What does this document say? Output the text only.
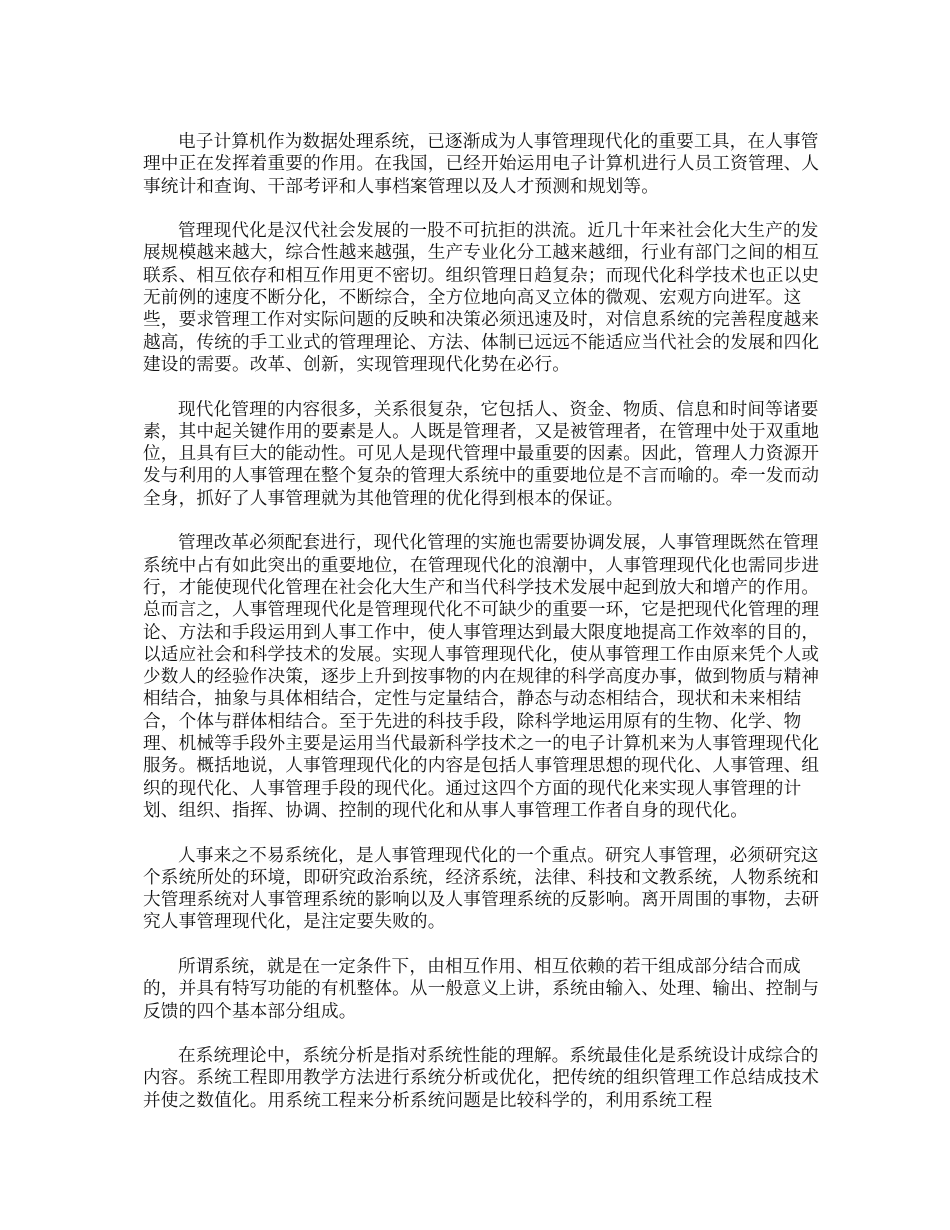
电子计算机作为数据处理系统，已逐渐成为人事管理现代化的重要工具，在人事管理中正在发挥着重要的作用。在我国，已经开始运用电子计算机进行人员工资管理、人事统计和查询、干部考评和人事档案管理以及人才预测和规划等。

管理现代化是汉代社会发展的一股不可抗拒的洪流。近几十年来社会化大生产的发展规模越来越大，综合性越来越强，生产专业化分工越来越细，行业有部门之间的相互联系、相互依存和相互作用更不密切。组织管理日趋复杂；而现代化科学技术也正以史无前例的速度不断分化，不断综合，全方位地向高叉立体的微观、宏观方向进军。这些，要求管理工作对实际问题的反映和决策必须迅速及时，对信息系统的完善程度越来越高，传统的手工业式的管理理论、方法、体制已远远不能适应当代社会的发展和四化建设的需要。改革、创新，实现管理现代化势在必行。

现代化管理的内容很多，关系很复杂，它包括人、资金、物质、信息和时间等诸要素，其中起关键作用的要素是人。人既是管理者，又是被管理者，在管理中处于双重地位，且具有巨大的能动性。可见人是现代管理中最重要的因素。因此，管理人力资源开发与利用的人事管理在整个复杂的管理大系统中的重要地位是不言而喻的。牵一发而动全身，抓好了人事管理就为其他管理的优化得到根本的保证。

管理改革必须配套进行，现代化管理的实施也需要协调发展，人事管理既然在管理系统中占有如此突出的重要地位，在管理现代化的浪潮中，人事管理现代化也需同步进行，才能使现代化管理在社会化大生产和当代科学技术发展中起到放大和增产的作用。总而言之，人事管理现代化是管理现代化不可缺少的重要一环，它是把现代化管理的理论、方法和手段运用到人事工作中，使人事管理达到最大限度地提高工作效率的目的，以适应社会和科学技术的发展。实现人事管理现代化，使从事管理工作由原来凭个人或少数人的经验作决策，逐步上升到按事物的内在规律的科学高度办事，做到物质与精神相结合，抽象与具体相结合，定性与定量结合，静态与动态相结合，现状和未来相结合，个体与群体相结合。至于先进的科技手段，除科学地运用原有的生物、化学、物理、机械等手段外主要是运用当代最新科学技术之一的电子计算机来为人事管理现代化服务。概括地说，人事管理现代化的内容是包括人事管理思想的现代化、人事管理、组织的现代化、人事管理手段的现代化。通过这四个方面的现代化来实现人事管理的计划、组织、指挥、协调、控制的现代化和从事人事管理工作者自身的现代化。

人事来之不易系统化，是人事管理现代化的一个重点。研究人事管理，必须研究这个系统所处的环境，即研究政治系统，经济系统，法律、科技和文教系统，人物系统和大管理系统对人事管理系统的影响以及人事管理系统的反影响。离开周围的事物，去研究人事管理现代化，是注定要失败的。

所谓系统，就是在一定条件下，由相互作用、相互依赖的若干组成部分结合而成的，并具有特写功能的有机整体。从一般意义上讲，系统由输入、处理、输出、控制与反馈的四个基本部分组成。

在系统理论中，系统分析是指对系统性能的理解。系统最佳化是系统设计成综合的内容。系统工程即用教学方法进行系统分析或优化，把传统的组织管理工作总结成技术并使之数值化。用系统工程来分析系统问题是比较科学的，利用系统工程
